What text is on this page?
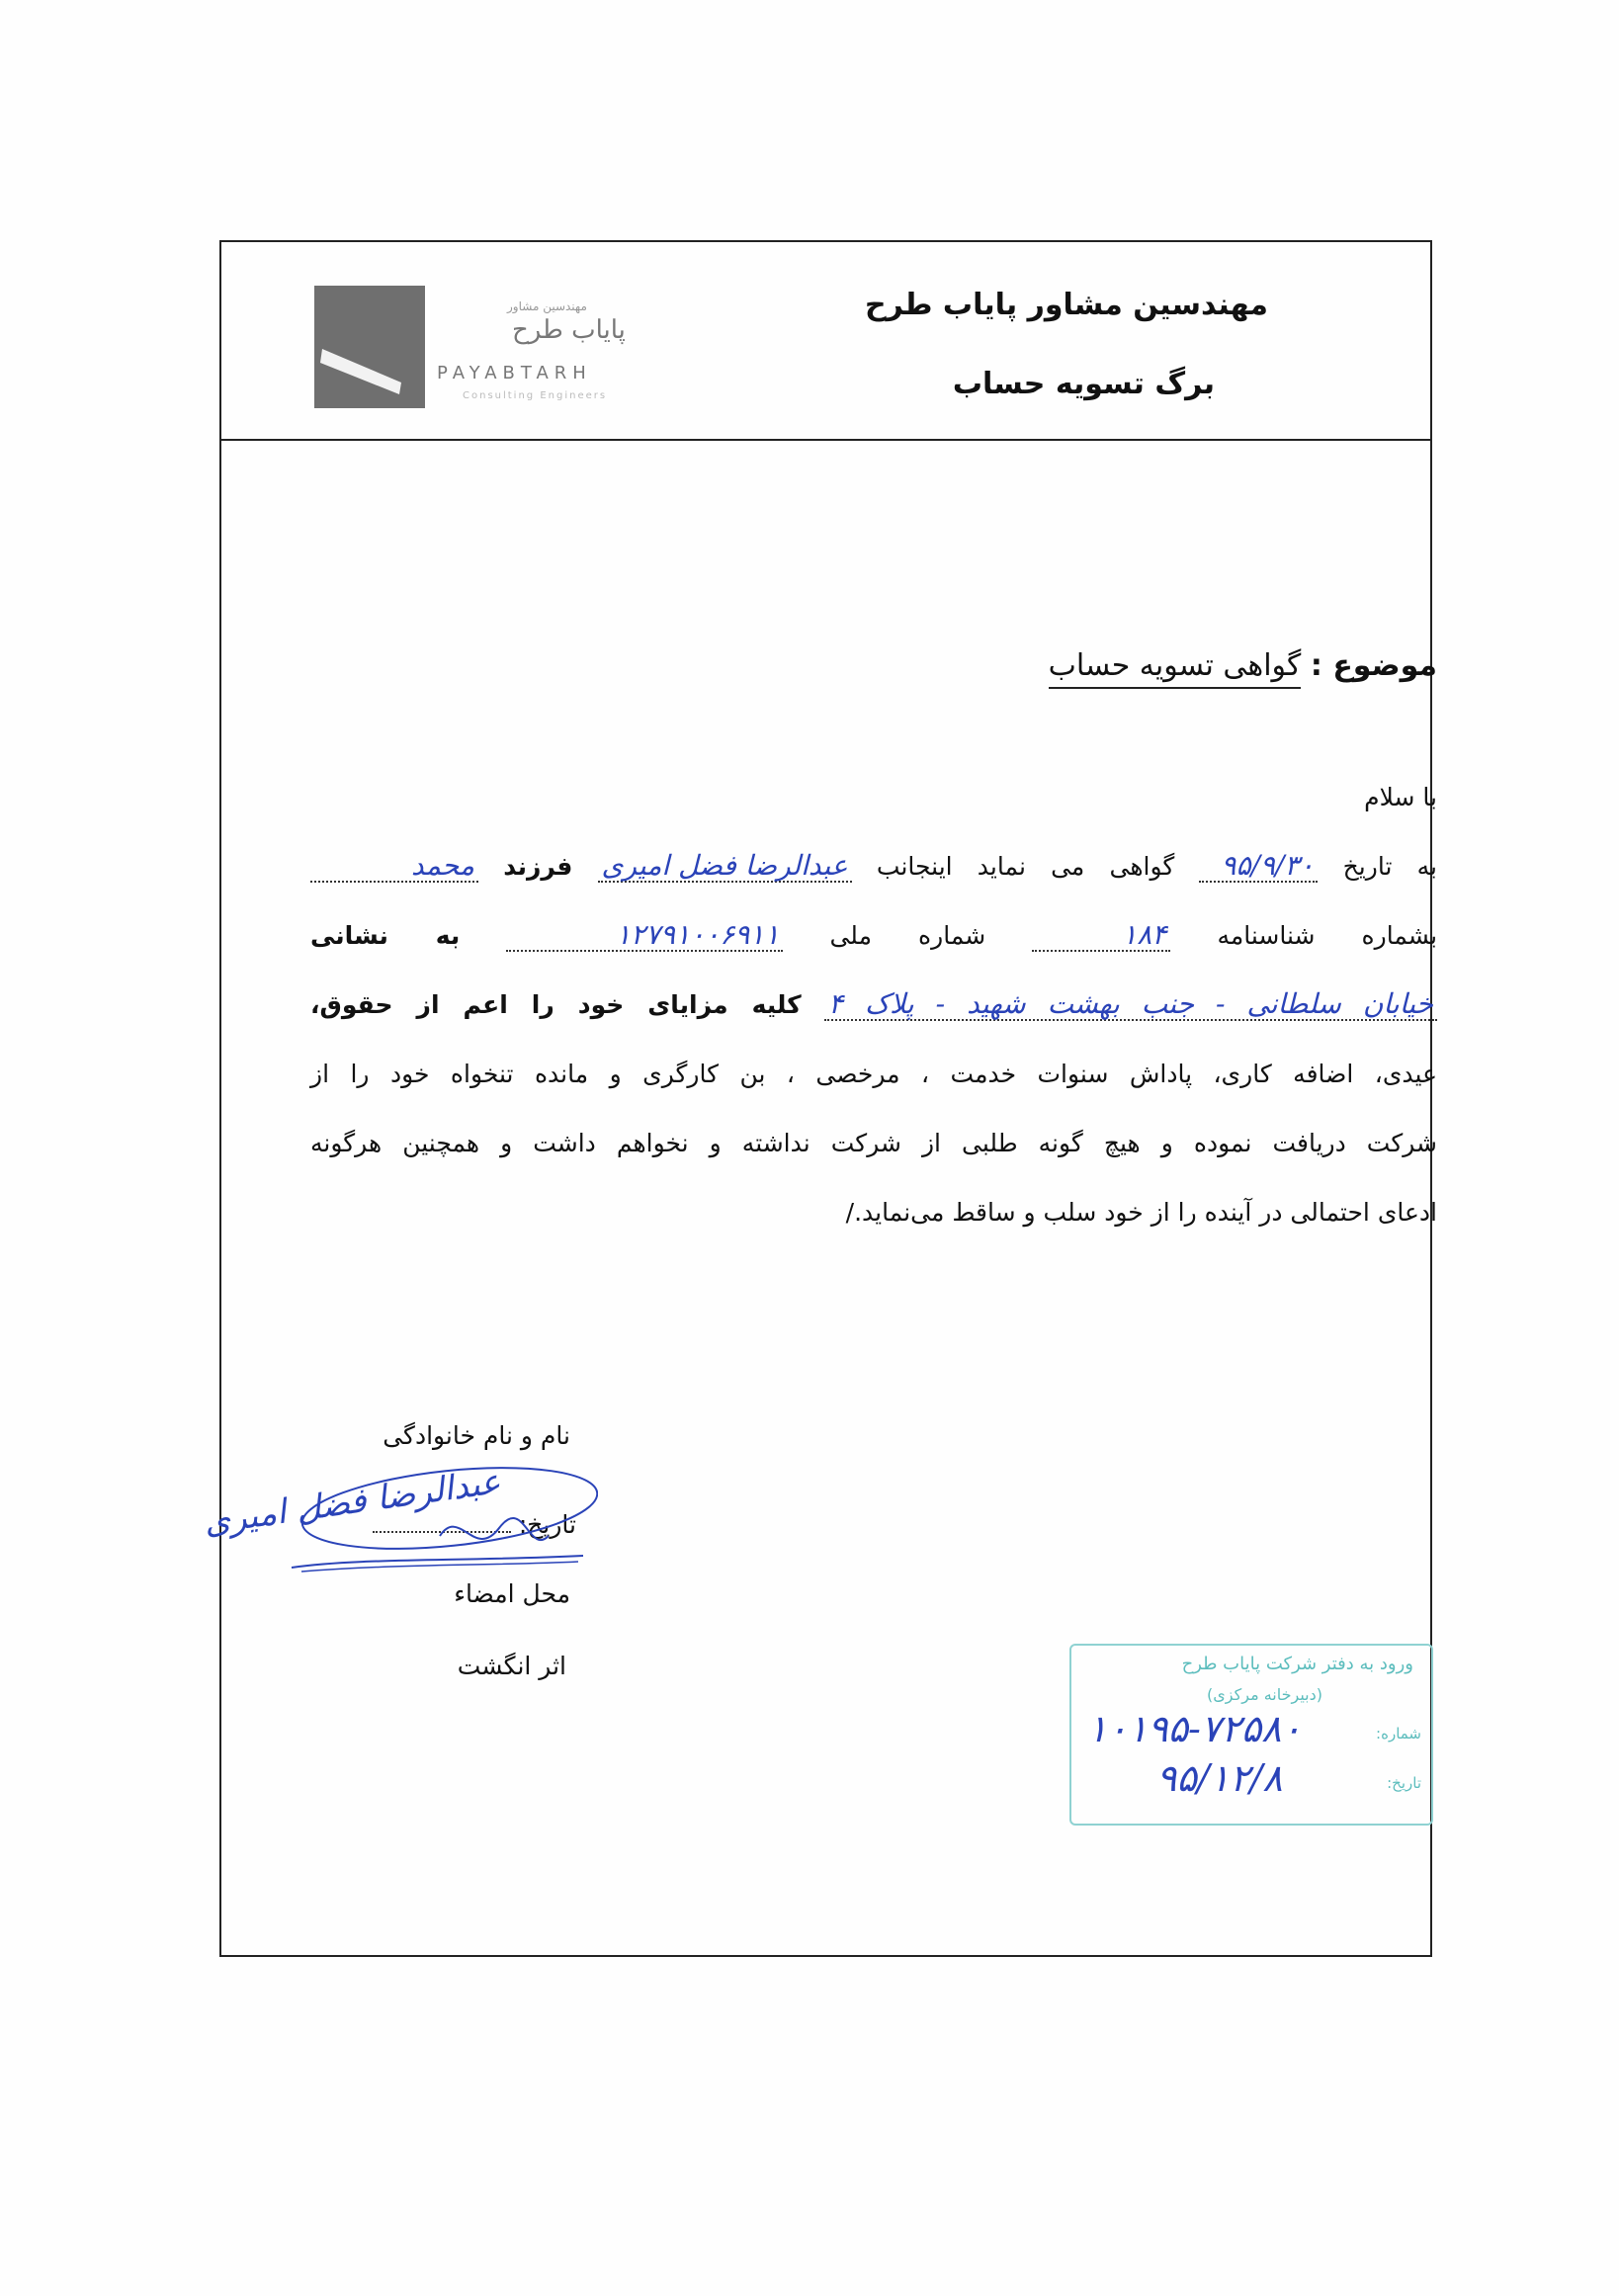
مهندسین مشاور
پایاب طرح
PAYABTARH
Consulting Engineers
مهندسین مشاور پایاب طرح
برگ تسویه حساب
موضوع : گواهی تسویه حساب
با سلام
به تاریخ ۹۵/۹/۳۰ گواهی می نماید اینجانب عبدالرضا فضل امیری فرزند محمد
بشماره شناسنامه ۱۸۴ شماره ملی ۱۲۷۹۱۰۰۶۹۱۱ به نشانی
خیابان سلطانی - جنب بهشت شهید - پلاک ۴ کلیه مزایای خود را اعم از حقوق،
عیدی، اضافه کاری، پاداش سنوات خدمت ، مرخصی ، بن کارگری و مانده تنخواه خود را از
شرکت دریافت نموده و هیچ گونه طلبی از شرکت نداشته و نخواهم داشت و همچنین هرگونه
ادعای احتمالی در آینده را از خود سلب و ساقط می‌نماید./
نام و نام خانوادگی
تاریخ:
محل امضاء
اثر انگشت	ورود به دفتر شرکت پایاب طرح
(دبیرخانه مرکزی)
شماره:
تاریخ:
۱۰۱۹۵-۷۲۵۸۰
۹۵/۱۲/۸
عبدالرضا فضل امیری
